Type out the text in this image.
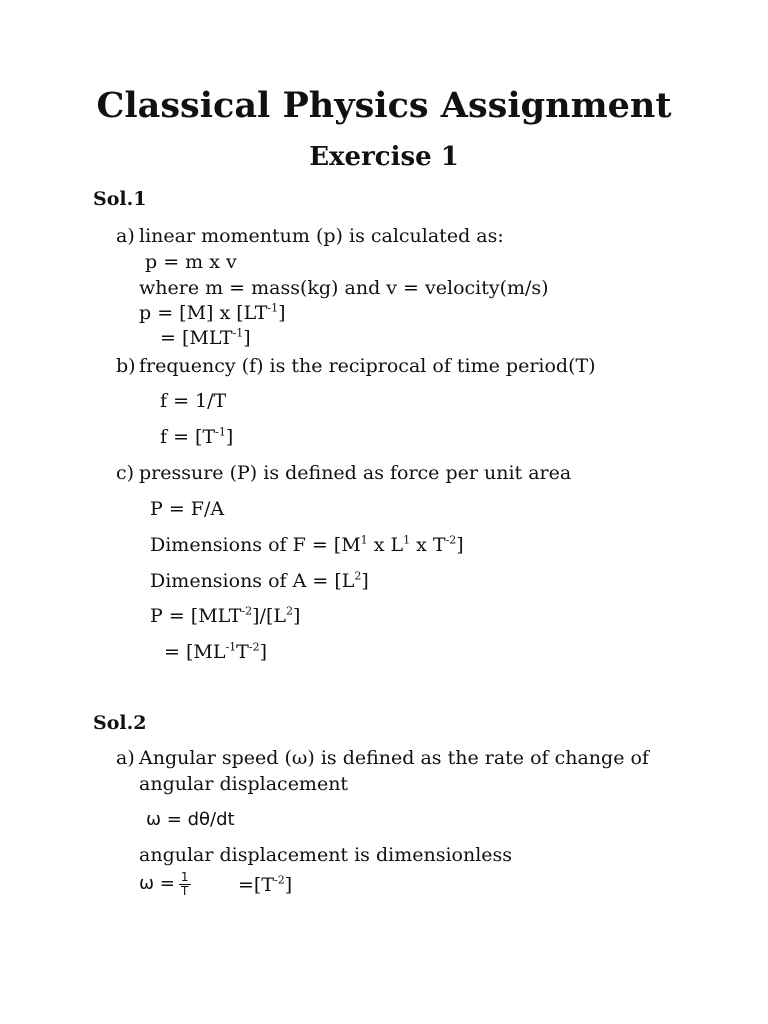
Classical Physics Assignment
Exercise 1
Sol.1
a) linear momentum (p) is calculated as:
p = m x v
where m = mass(kg) and v = velocity(m/s)
p = [M] x $[LT^{-1}]$
= $[MLT^{-1}]$
b) frequency (f) is the reciprocal of time period(T)
f = 1/T
$f = [T^{-1}]$
c) pressure (P) is defined as force per unit area
P = F/A
Dimensions of $F = [M^1$ x $L^1$ x $T^{-2}$]
Dimensions of $A = [L^2]$
$P = [MLT^{-2}]/[L^2]$
= $[ML^{-1}T^{-2}]$
Sol.2
a) Angular speed (ω) is defined as the rate of change of
angular displacement
ω = dθ/dt
angular displacement is dimensionless
$\omega = \frac{1}{T} =[T^{-2}]$
